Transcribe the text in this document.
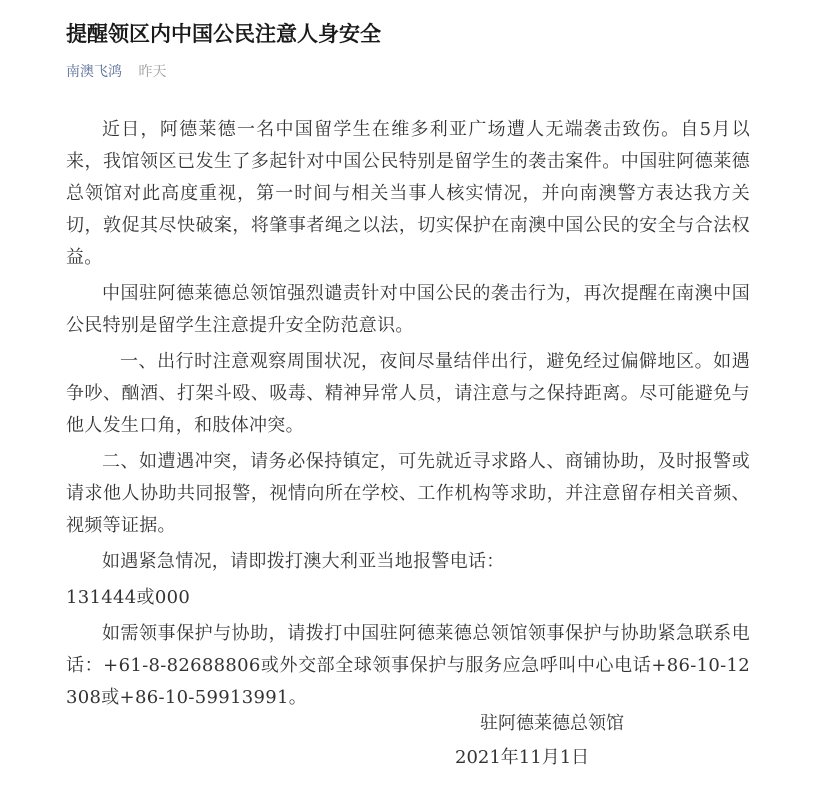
提醒领区内中国公民注意人身安全
南澳飞鸿 昨天

近日，阿德莱德一名中国留学生在维多利亚广场遭人无端袭击致伤。自5月以来，我馆领区已发生了多起针对中国公民特别是留学生的袭击案件。中国驻阿德莱德总领馆对此高度重视，第一时间与相关当事人核实情况，并向南澳警方表达我方关切，敦促其尽快破案，将肇事者绳之以法，切实保护在南澳中国公民的安全与合法权益。

中国驻阿德莱德总领馆强烈谴责针对中国公民的袭击行为，再次提醒在南澳中国公民特别是留学生注意提升安全防范意识。

一、出行时注意观察周围状况，夜间尽量结伴出行，避免经过偏僻地区。如遇争吵、酗酒、打架斗殴、吸毒、精神异常人员，请注意与之保持距离。尽可能避免与他人发生口角，和肢体冲突。

二、如遭遇冲突，请务必保持镇定，可先就近寻求路人、商铺协助，及时报警或请求他人协助共同报警，视情向所在学校、工作机构等求助，并注意留存相关音频、视频等证据。

如遇紧急情况，请即拨打澳大利亚当地报警电话：

131444或000

如需领事保护与协助，请拨打中国驻阿德莱德总领馆领事保护与协助紧急联系电话：+61-8-82688806或外交部全球领事保护与服务应急呼叫中心电话+86-10-12308或+86-10-59913991。

驻阿德莱德总领馆
2021年11月1日
